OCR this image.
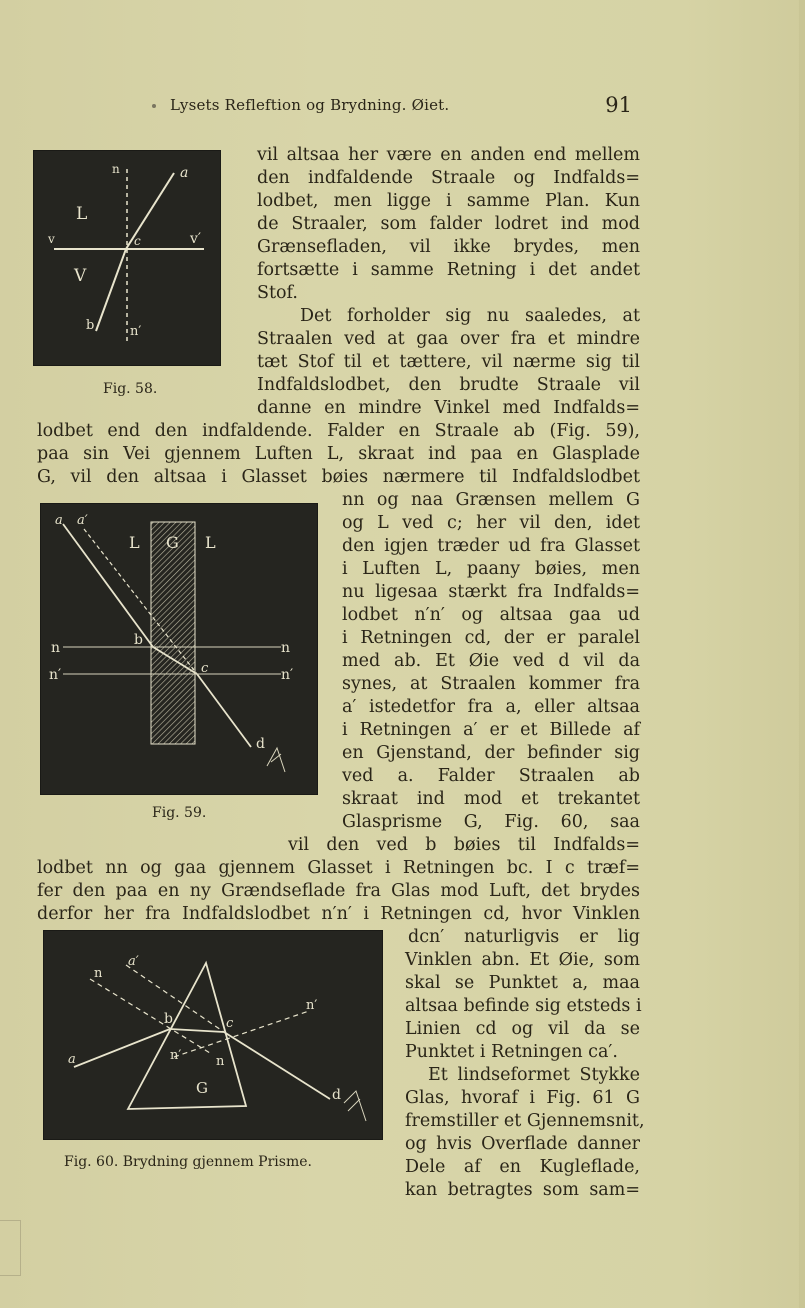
Lysets Refleftion og Brydning. Øiet.	91
n	a
L
v	v′
c
V
b	n′
Fig. 58.
vil altsaa her være en anden end mellem
den indfaldende Straale og Indfalds=
lodbet, men ligge i samme Plan. Kun
de Straaler, som falder lodret ind mod
Grænsefladen, vil ikke brydes, men
fortsætte i samme Retning i det andet
Stof.
Det forholder sig nu saaledes, at
Straalen ved at gaa over fra et mindre
tæt Stof til et tættere, vil nærme sig til
Indfaldslodbet, den brudte Straale vil
danne en mindre Vinkel med Indfalds=
lodbet end den indfaldende. Falder en Straale ab (Fig. 59),
paa sin Vei gjennem Luften L, skraat ind paa en Glasplade
G, vil den altsaa i Glasset bøies nærmere til Indfaldslodbet
a a′
L G L
n	n
b
n′	n′
c
d
Fig. 59.
nn og naa Grænsen mellem G
og L ved c; her vil den, idet
den igjen træder ud fra Glasset
i Luften L, paany bøies, men
nu ligesaa stærkt fra Indfalds=
lodbet n′n′ og altsaa gaa ud
i Retningen cd, der er paralel
med ab. Et Øie ved d vil da
synes, at Straalen kommer fra
a′ istedetfor fra a, eller altsaa
i Retningen a′ er et Billede af
en Gjenstand, der befinder sig
ved a. Falder Straalen ab
skraat ind mod et trekantet
Glasprisme G, Fig. 60, saa
vil den ved b bøies til Indfalds=
lodbet nn og gaa gjennem Glasset i Retningen bc. I c træf=
fer den paa en ny Grændseflade fra Glas mod Luft, det brydes
derfor her fra Indfaldslodbet n′n′ i Retningen cd, hvor Vinklen
a′
n
b	c
n′
a	n′	n
G	d
Fig. 60. Brydning gjennem Prisme.
dcn′ naturligvis er lig
Vinklen abn. Et Øie, som
skal se Punktet a, maa
altsaa befinde sig etsteds i
Linien cd og vil da se
Punktet i Retningen ca′.
Et lindseformet Stykke
Glas, hvoraf i Fig. 61 G
fremstiller et Gjennemsnit,
og hvis Overflade danner
Dele af en Kugleflade,
kan betragtes som sam=
